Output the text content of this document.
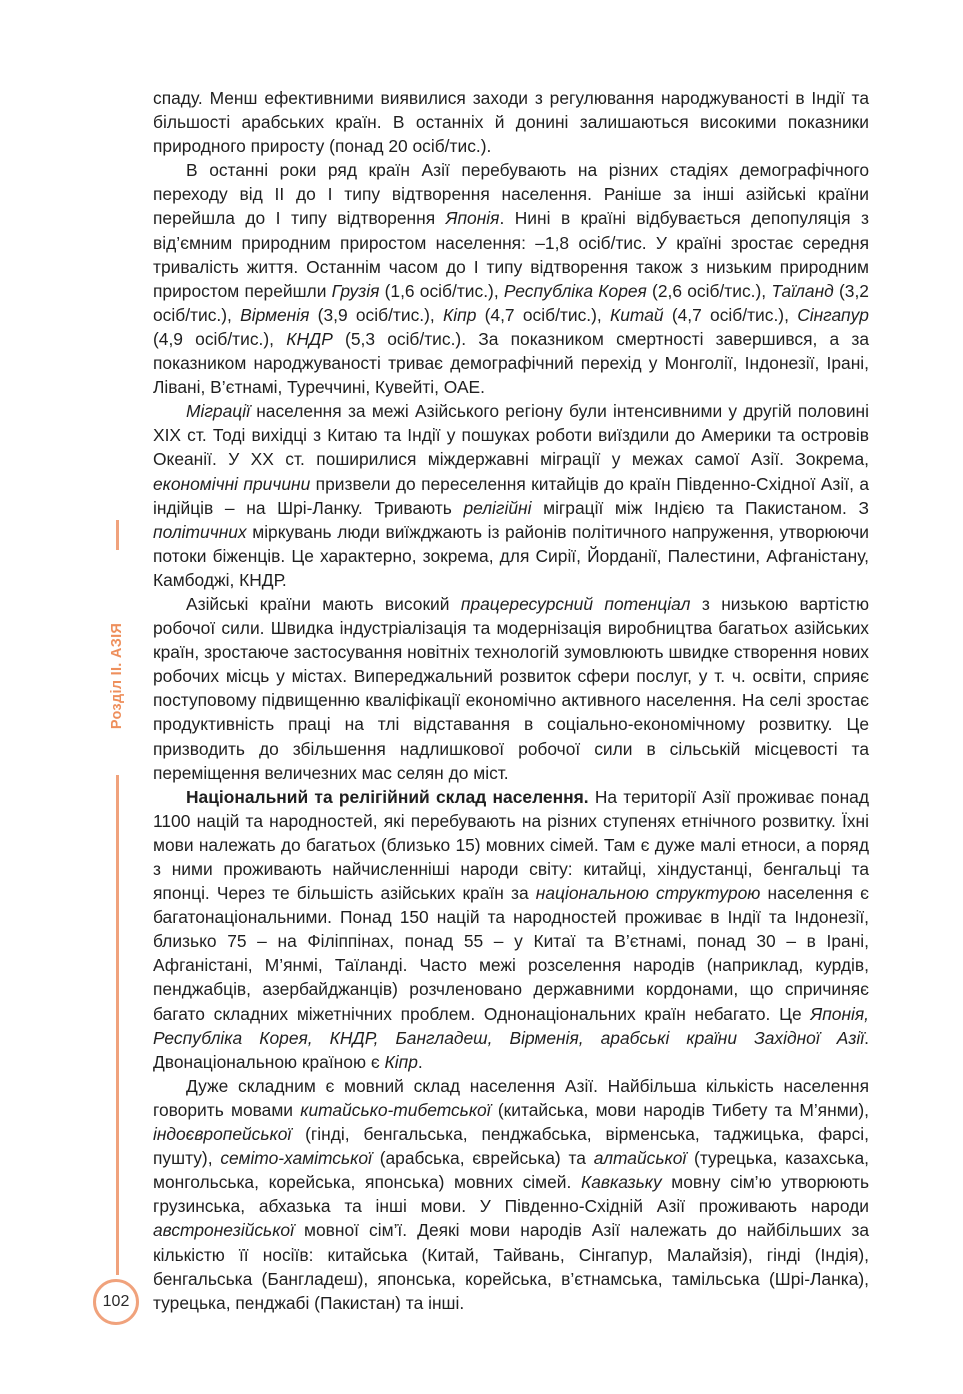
Розділ ІІ. АЗІЯ
102

спаду. Менш ефективними виявилися заходи з регулювання народжуваності в Індії та більшості арабських країн. В останніх й донині залишаються високими показники природного приросту (понад 20 осіб/тис.).

В останні роки ряд країн Азії перебувають на різних стадіях демографічного переходу від ІІ до І типу відтворення населення. Раніше за інші азійські країни перейшла до І типу відтворення Японія. Нині в країні відбувається депопуляція з від’ємним природним приростом населення: –1,8 осіб/тис. У країні зростає середня тривалість життя. Останнім часом до І типу відтворення також з низьким природним приростом перейшли Грузія (1,6 осіб/тис.), Республіка Корея (2,6 осіб/тис.), Таїланд (3,2 осіб/тис.), Вірменія (3,9 осіб/тис.), Кіпр (4,7 осіб/тис.), Китай (4,7 осіб/тис.), Сінгапур (4,9 осіб/тис.), КНДР (5,3 осіб/тис.). За показником смертності завершився, а за показником народжуваності триває демографічний перехід у Монголії, Індонезії, Ірані, Лівані, В’єтнамі, Туреччині, Кувейті, ОАЕ.

Міграції населення за межі Азійського регіону були інтенсивними у другій половині ХІХ ст. Тоді вихідці з Китаю та Індії у пошуках роботи виїздили до Америки та островів Океанії. У ХХ ст. поширилися міждержавні міграції у межах самої Азії. Зокрема, економічні причини призвели до переселення китайців до країн Південно-Східної Азії, а індійців – на Шрі-Ланку. Тривають релігійні міграції між Індією та Пакистаном. З політичних міркувань люди виїжджають із районів політичного напруження, утворюючи потоки біженців. Це характерно, зокрема, для Сирії, Йорданії, Палестини, Афганістану, Камбоджі, КНДР.

Азійські країни мають високий працересурсний потенціал з низькою вартістю робочої сили. Швидка індустріалізація та модернізація виробництва багатьох азійських країн, зростаюче застосування новітніх технологій зумовлюють швидке створення нових робочих місць у містах. Випереджальний розвиток сфери послуг, у т. ч. освіти, сприяє поступовому підвищенню кваліфікації економічно активного населення. На селі зростає продуктивність праці на тлі відставання в соціально-економічному розвитку. Це призводить до збільшення надлишкової робочої сили в сільській місцевості та переміщення величезних мас селян до міст.

Національний та релігійний склад населення. На території Азії проживає понад 1100 націй та народностей, які перебувають на різних ступенях етнічного розвитку. Їхні мови належать до багатьох (близько 15) мовних сімей. Там є дуже малі етноси, а поряд з ними проживають найчисленніші народи світу: китайці, хіндустанці, бенгальці та японці. Через те більшість азійських країн за національною структурою населення є багатонаціональними. Понад 150 націй та народностей проживає в Індії та Індонезії, близько 75 – на Філіппінах, понад 55 – у Китаї та В’єтнамі, понад 30 – в Ірані, Афганістані, М’янмі, Таїланді. Часто межі розселення народів (наприклад, курдів, пенджабців, азербайджанців) розчленовано державними кордонами, що спричиняє багато складних міжетнічних проблем. Однонаціональних країн небагато. Це Японія, Республіка Корея, КНДР, Бангладеш, Вірменія, арабські країни Західної Азії. Двонаціональною країною є Кіпр.

Дуже складним є мовний склад населення Азії. Найбільша кількість населення говорить мовами китайсько-тибетської (китайська, мови народів Тибету та М’янми), індоєвропейської (гінді, бенгальська, пенджабська, вірменська, таджицька, фарсі, пушту), семіто-хамітської (арабська, єврейська) та алтайської (турецька, казахська, монгольська, корейська, японська) мовних сімей. Кавказьку мовну сім’ю утворюють грузинська, абхазька та інші мови. У Південно-Східній Азії проживають народи австронезійської мовної сім’ї. Деякі мови народів Азії належать до найбільших за кількістю її носіїв: китайська (Китай, Тайвань, Сінгапур, Малайзія), гінді (Індія), бенгальська (Бангладеш), японська, корейська, в’єтнамська, тамільська (Шрі-Ланка), турецька, пенджабі (Пакистан) та інші.
